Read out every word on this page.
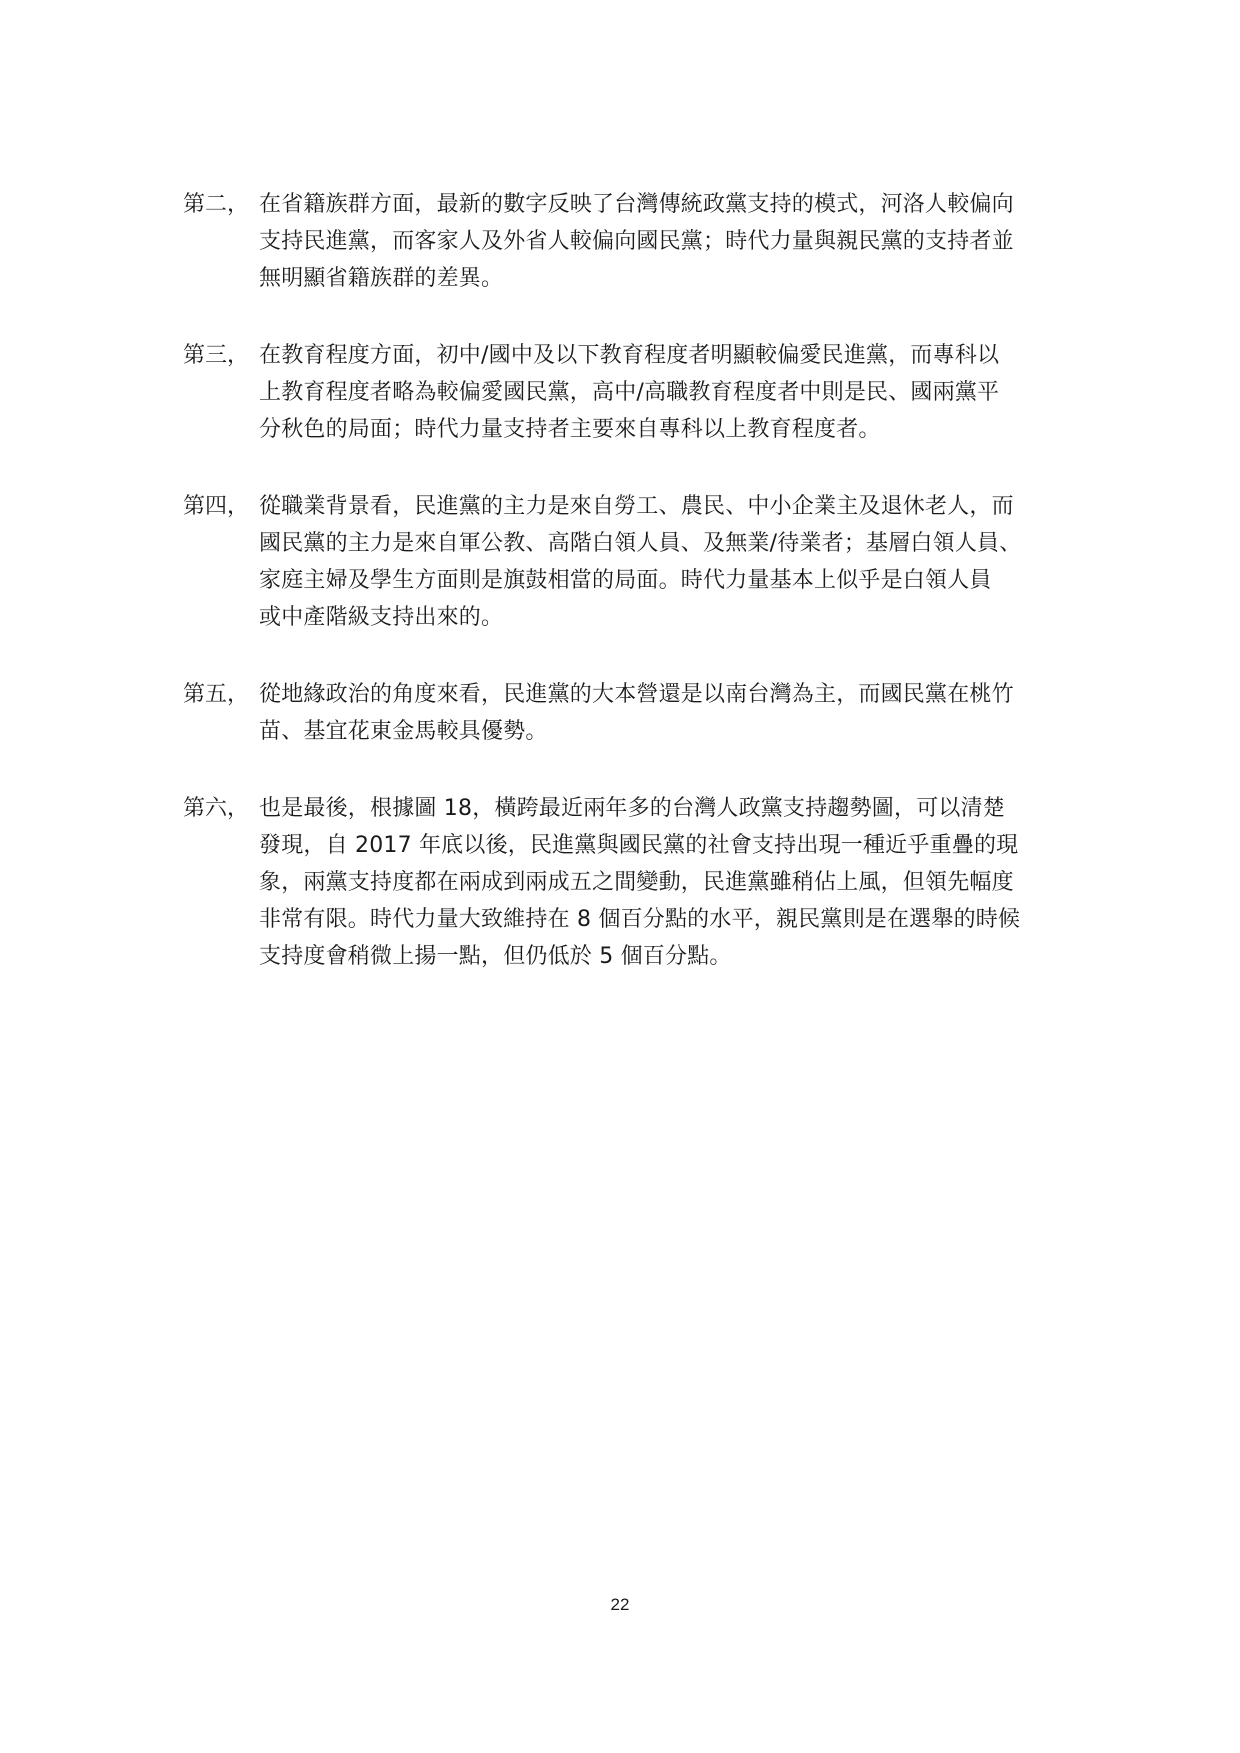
第二， 在省籍族群方面，最新的數字反映了台灣傳統政黨支持的模式，河洛人較偏向
支持民進黨，而客家人及外省人較偏向國民黨；時代力量與親民黨的支持者並
無明顯省籍族群的差異。
第三， 在教育程度方面，初中/國中及以下教育程度者明顯較偏愛民進黨，而專科以
上教育程度者略為較偏愛國民黨，高中/高職教育程度者中則是民、國兩黨平
分秋色的局面；時代力量支持者主要來自專科以上教育程度者。
第四， 從職業背景看，民進黨的主力是來自勞工、農民、中小企業主及退休老人，而
國民黨的主力是來自軍公教、高階白領人員、及無業/待業者；基層白領人員、
家庭主婦及學生方面則是旗鼓相當的局面。時代力量基本上似乎是白領人員
或中產階級支持出來的。
第五， 從地緣政治的角度來看，民進黨的大本營還是以南台灣為主，而國民黨在桃竹
苗、基宜花東金馬較具優勢。
第六， 也是最後，根據圖 18，橫跨最近兩年多的台灣人政黨支持趨勢圖，可以清楚
發現，自 2017 年底以後，民進黨與國民黨的社會支持出現一種近乎重疊的現
象，兩黨支持度都在兩成到兩成五之間變動，民進黨雖稍佔上風，但領先幅度
非常有限。時代力量大致維持在 8 個百分點的水平，親民黨則是在選舉的時候
支持度會稍微上揚一點，但仍低於 5 個百分點。
22
